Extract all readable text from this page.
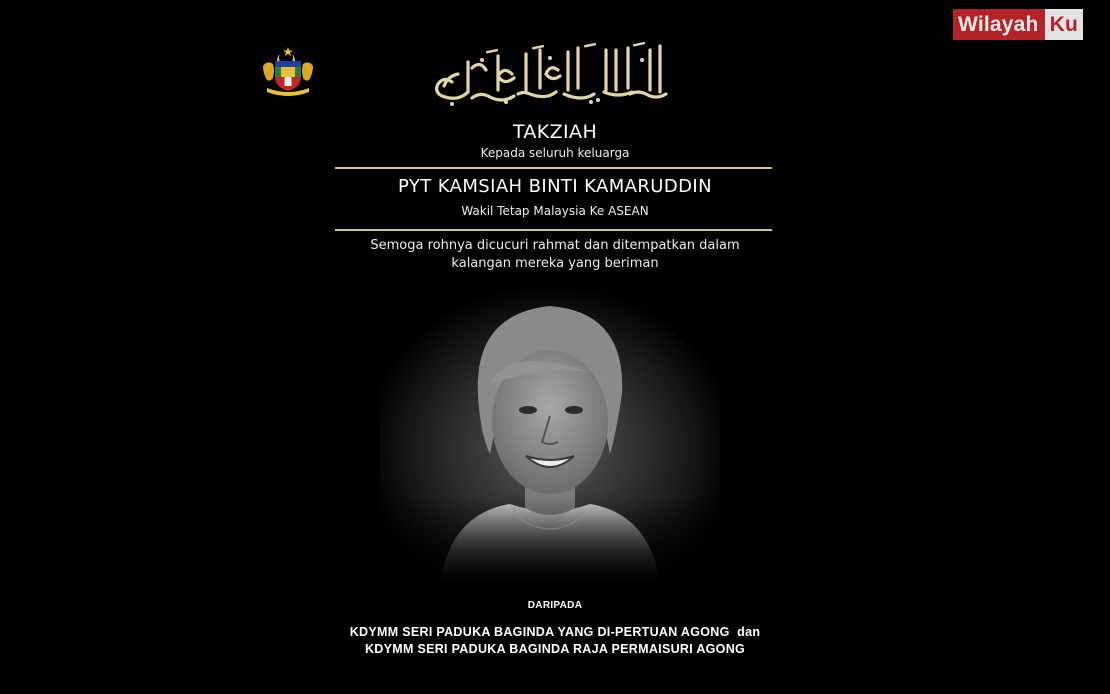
Wilayah Ku
TAKZIAH
Kepada seluruh keluarga
PYT KAMSIAH BINTI KAMARUDDIN
Wakil Tetap Malaysia Ke ASEAN
Semoga rohnya dicucuri rahmat dan ditempatkan dalam
kalangan mereka yang beriman
DARIPADA
KDYMM SERI PADUKA BAGINDA YANG DI-PERTUAN AGONG  dan
KDYMM SERI PADUKA BAGINDA RAJA PERMAISURI AGONG
